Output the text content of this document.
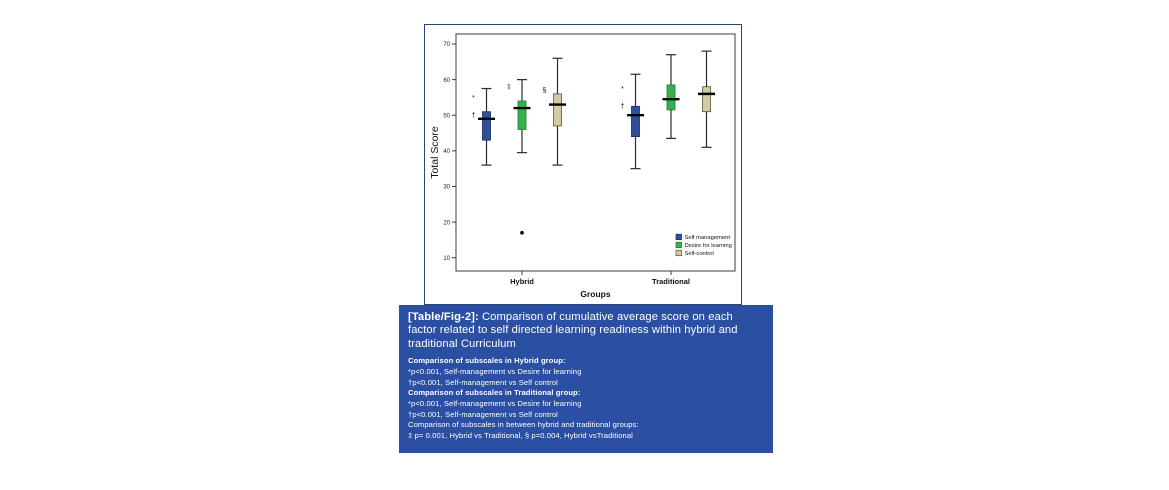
10
20
30
40
50
60
70
Total Score
Hybrid	Traditional
Groups
*
†
*
†
‡
§
Self management
Desire for learning
Self-control

[Table/Fig-2]: Comparison of cumulative average score on each factor related to self directed learning readiness within hybrid and traditional Curriculum

Comparison of subscales in Hybrid group:
*p<0.001, Self-management vs Desire for learning
†p<0.001, Self-management vs Self control
Comparison of subscales in Traditional group:
*p<0.001, Self-management vs Desire for learning
†p<0.001, Self-management vs Self control
Comparison of subscales in between hybrid and traditional groups:
‡ p= 0.001, Hybrid vs Traditional, § p=0.004, Hybrid vsTraditional
